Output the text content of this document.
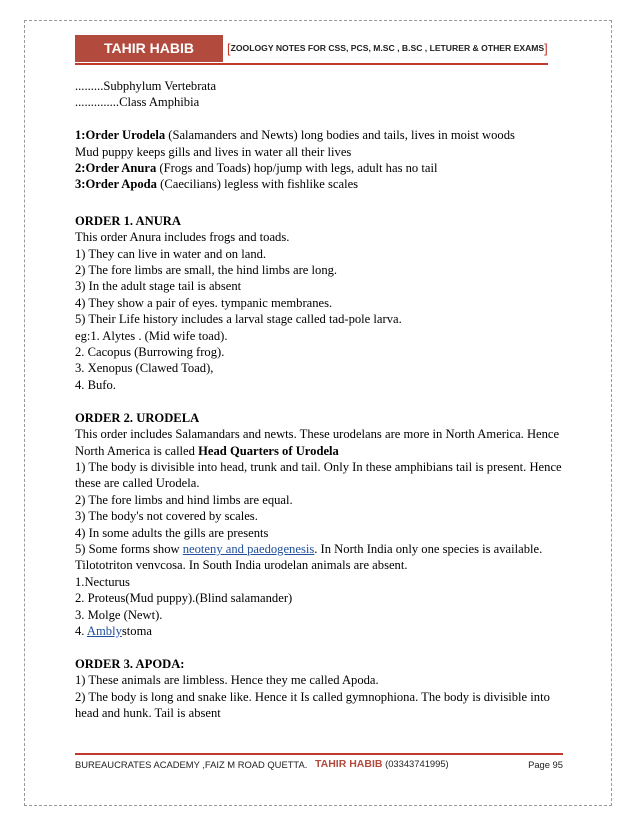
TAHIR HABIB	[ZOOLOGY NOTES FOR CSS, PCS, M.SC , B.SC , LETURER & OTHER EXAMS]

.........Subphylum Vertebrata

..............Class Amphibia

1:Order Urodela (Salamanders and Newts) long bodies and tails, lives in moist woods

Mud puppy keeps gills and lives in water all their lives

2:Order Anura (Frogs and Toads) hop/jump with legs, adult has no tail

3:Order Apoda (Caecilians) legless with fishlike scales

ORDER 1. ANURA

This order Anura includes frogs and toads.

1) They can live in water and on land.

2) The fore limbs are small, the hind limbs are long.

3) In the adult stage tail is absent

4) They show a pair of eyes. tympanic membranes.

5) Their Life history includes a larval stage called tad-pole larva.

eg:1. Alytes . (Mid wife toad).

2. Cacopus (Burrowing frog).

3. Xenopus (Clawed Toad),

4. Bufo.

ORDER 2. URODELA

This order includes Salamandars and newts. These urodelans are more in North America. Hence

North America is called Head Quarters of Urodela

1) The body is divisible into head, trunk and tail. Only In these amphibians tail is present. Hence

these are called Urodela.

2) The fore limbs and hind limbs are equal.

3) The body's not covered by scales.

4) In some adults the gills are presents

5) Some forms show neoteny and paedogenesis. In North India only one species is available.

Tilototriton venvcosa. In South India urodelan animals are absent.

1.Necturus

2. Proteus(Mud puppy).(Blind salamander)

3. Molge (Newt).

4. Amblystoma

ORDER 3. APODA:

1) These animals are limbless. Hence they me called Apoda.

2) The body is long and snake like. Hence it Is called gymnophiona. The body is divisible into

head and hunk. Tail is absent

BUREAUCRATES ACADEMY ,FAIZ M ROAD QUETTA. TAHIR HABIB (03343741995)	Page 95
